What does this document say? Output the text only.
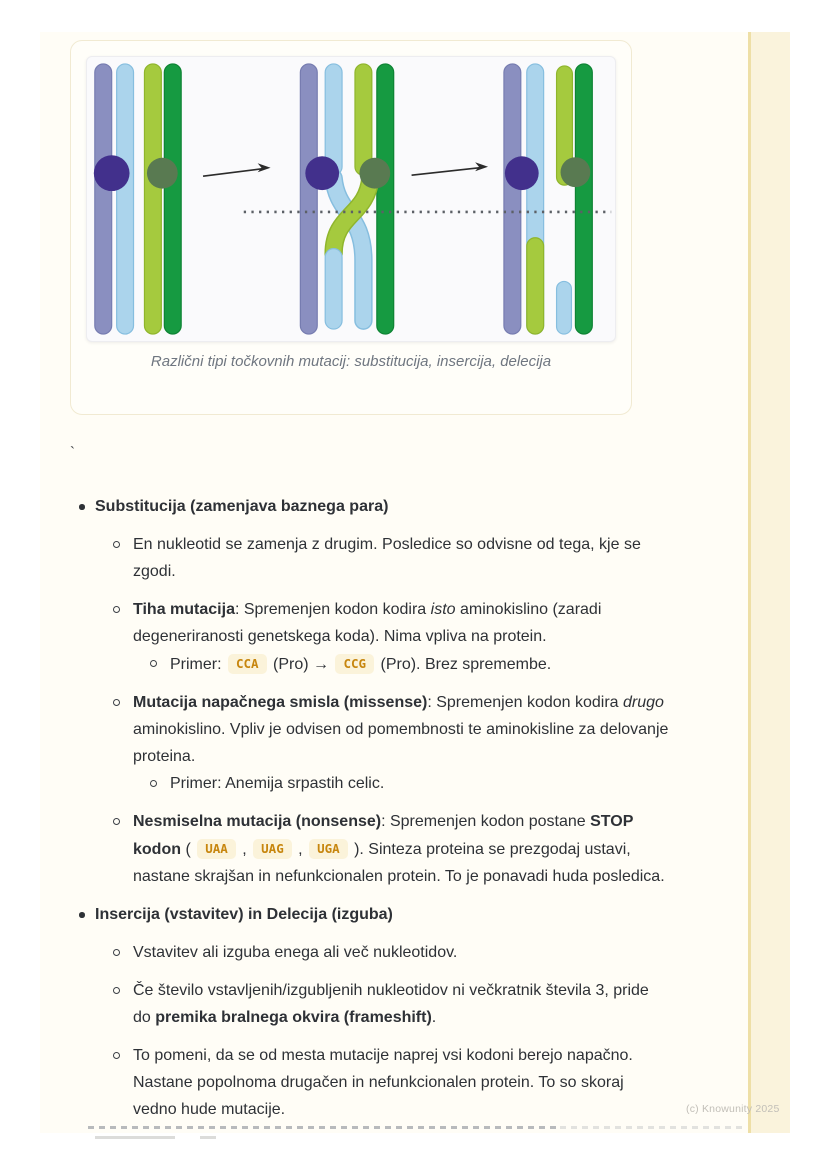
Različni tipi točkovnih mutacij: substitucija, insercija, delecija
`
Substitucija (zamenjava baznega para)
En nukleotid se zamenja z drugim. Posledice so odvisne od tega, kje se zgodi.
Tiha mutacija: Spremenjen kodon kodira isto aminokislino (zaradi degeneriranosti genetskega koda). Nima vpliva na protein.
Primer: CCA (Pro) → CCG (Pro). Brez spremembe.
Mutacija napačnega smisla (missense): Spremenjen kodon kodira drugo aminokislino. Vpliv je odvisen od pomembnosti te aminokisline za delovanje proteina.
Primer: Anemija srpastih celic.
Nesmiselna mutacija (nonsense): Spremenjen kodon postane STOP kodon ( UAA , UAG , UGA ). Sinteza proteina se prezgodaj ustavi, nastane skrajšan in nefunkcionalen protein. To je ponavadi huda posledica.
Insercija (vstavitev) in Delecija (izguba)
Vstavitev ali izguba enega ali več nukleotidov.
Če število vstavljenih/izgubljenih nukleotidov ni večkratnik števila 3, pride do premika bralnega okvira (frameshift).
To pomeni, da se od mesta mutacije naprej vsi kodoni berejo napačno. Nastane popolnoma drugačen in nefunkcionalen protein. To so skoraj vedno hude mutacije.	(c) Knowunity 2025
